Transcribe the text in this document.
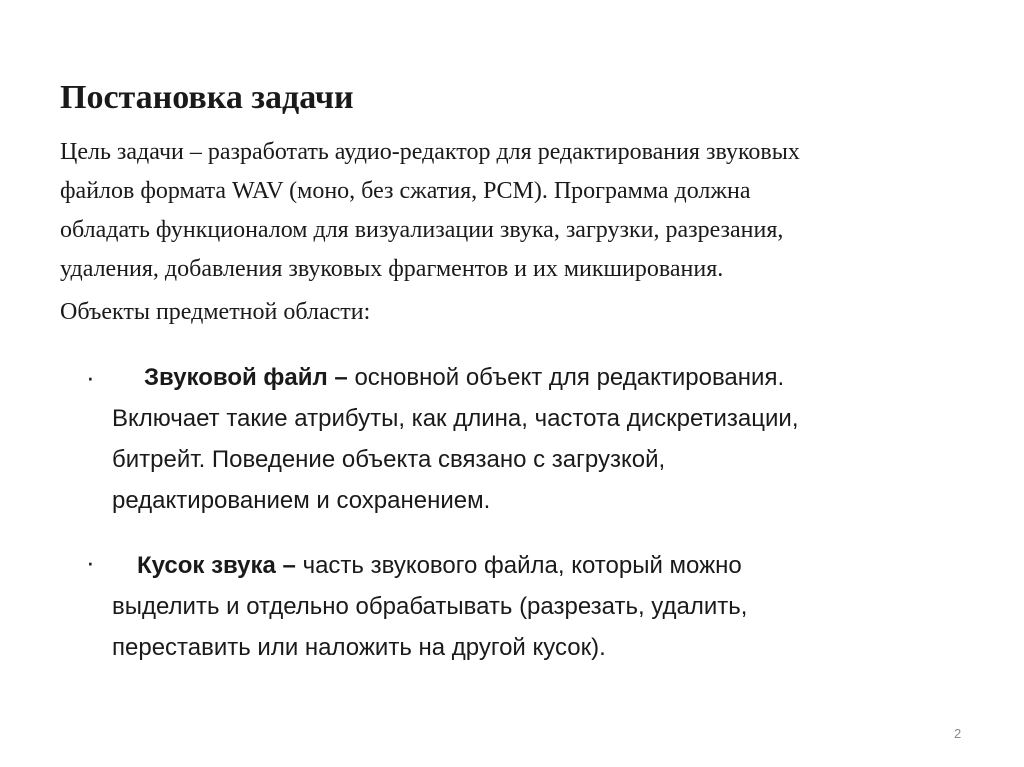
Постановка задачи
Цель задачи – разработать аудио-редактор для редактирования звуковых
файлов формата WAV (моно, без сжатия, PCM). Программа должна
обладать функционалом для визуализации звука, загрузки, разрезания,
удаления, добавления звуковых фрагментов и их микширования.
Объекты предметной области:
·	Звуковой файл – основной объект для редактирования.
Включает такие атрибуты, как длина, частота дискретизации,
битрейт. Поведение объекта связано с загрузкой,
редактированием и сохранением.
·	Кусок звука – часть звукового файла, который можно
выделить и отдельно обрабатывать (разрезать, удалить,
переставить или наложить на другой кусок).
2
